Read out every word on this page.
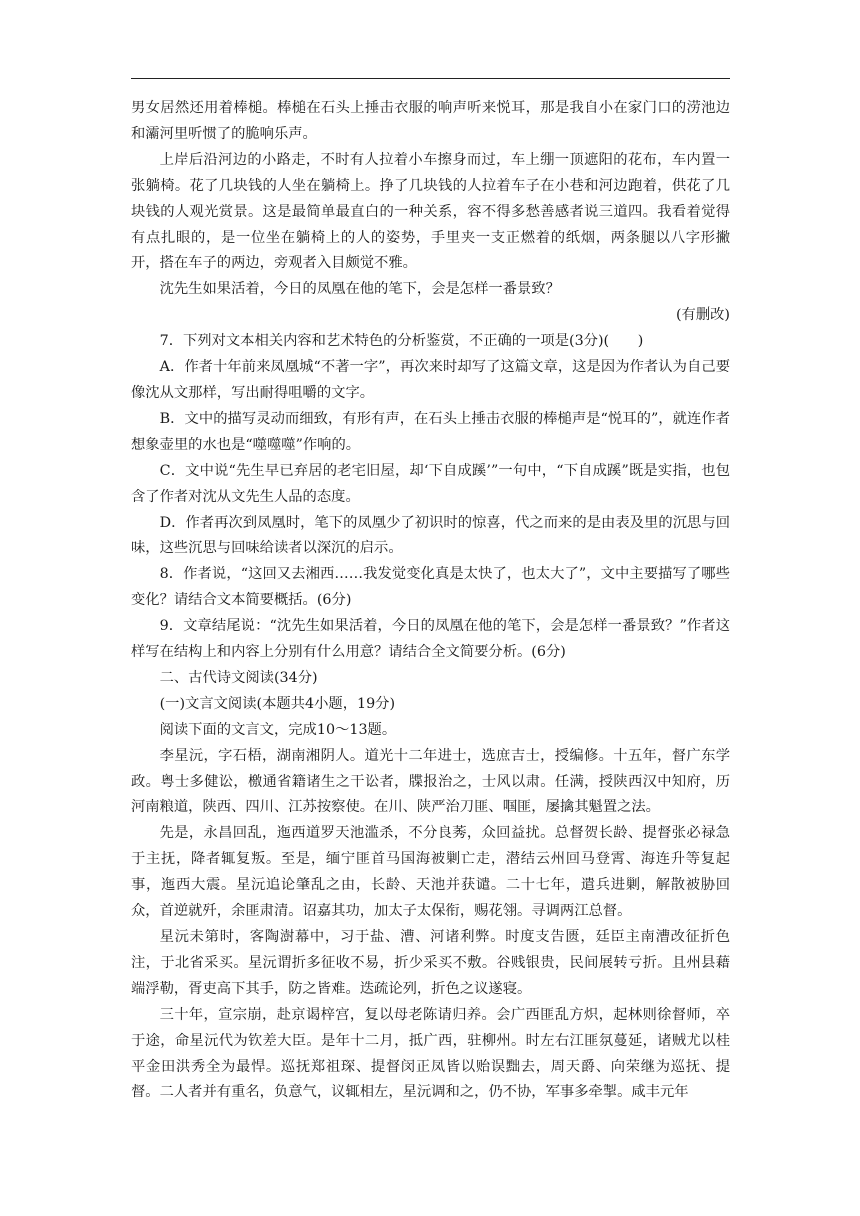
男女居然还用着棒槌。棒槌在石头上捶击衣服的响声听来悦耳，那是我自小在家门口的涝池边和灞河里听惯了的脆响乐声。

上岸后沿河边的小路走，不时有人拉着小车擦身而过，车上绷一顶遮阳的花布，车内置一张躺椅。花了几块钱的人坐在躺椅上。挣了几块钱的人拉着车子在小巷和河边跑着，供花了几块钱的人观光赏景。这是最简单最直白的一种关系，容不得多愁善感者说三道四。我看着觉得有点扎眼的，是一位坐在躺椅上的人的姿势，手里夹一支正燃着的纸烟，两条腿以八字形撇开，搭在车子的两边，旁观者入目颇觉不雅。

沈先生如果活着，今日的凤凰在他的笔下，会是怎样一番景致？

(有删改)

7．下列对文本相关内容和艺术特色的分析鉴赏，不正确的一项是(3分)(　　)

A．作者十年前来凤凰城“不著一字”，再次来时却写了这篇文章，这是因为作者认为自己要像沈从文那样，写出耐得咀嚼的文字。

B．文中的描写灵动而细致，有形有声，在石头上捶击衣服的棒槌声是“悦耳的”，就连作者想象壶里的水也是“噬噬噬”作响的。

C．文中说“先生早已弃居的老宅旧屋，却‘下自成蹊’”一句中，“下自成蹊”既是实指，也包含了作者对沈从文先生人品的态度。

D．作者再次到凤凰时，笔下的凤凰少了初识时的惊喜，代之而来的是由表及里的沉思与回味，这些沉思与回味给读者以深沉的启示。

8．作者说，“这回又去湘西……我发觉变化真是太快了，也太大了”，文中主要描写了哪些变化？请结合文本简要概括。(6分)

9．文章结尾说：“沈先生如果活着，今日的凤凰在他的笔下，会是怎样一番景致？”作者这样写在结构上和内容上分别有什么用意？请结合全文简要分析。(6分)

二、古代诗文阅读(34分)

(一)文言文阅读(本题共4小题，19分)

阅读下面的文言文，完成10～13题。

李星沅，字石梧，湖南湘阴人。道光十二年进士，选庶吉士，授编修。十五年，督广东学政。粤士多健讼，檄通省籍诸生之干讼者，牒报治之，士风以肃。任满，授陕西汉中知府，历河南粮道，陕西、四川、江苏按察使。在川、陕严治刀匪、啯匪，屡擒其魁置之法。

先是，永昌回乱，迤西道罗天池滥杀，不分良莠，众回益扰。总督贺长龄、提督张必禄急于主抚，降者辄复叛。至是，缅宁匪首马国海被剿亡走，潜结云州回马登霄、海连升等复起事，迤西大震。星沅追论肇乱之由，长龄、天池并获谴。二十七年，遣兵进剿，解散被胁回众，首逆就歼，余匪肃清。诏嘉其功，加太子太保衔，赐花翎。寻调两江总督。

星沅未第时，客陶澍幕中，习于盐、漕、河诸利弊。时度支告匮，廷臣主南漕改征折色注，于北省采买。星沅谓折多征收不易，折少采买不敷。谷贱银贵，民间展转亏折。且州县藉端浮勒，胥吏高下其手，防之皆难。迭疏论列，折色之议遂寝。

三十年，宣宗崩，赴京谒梓宫，复以母老陈请归养。会广西匪乱方炽，起林则徐督师，卒于途，命星沅代为钦差大臣。是年十二月，抵广西，驻柳州。时左右江匪氛蔓延，诸贼尤以桂平金田洪秀全为最悍。巡抚郑祖琛、提督闵正凤皆以贻误黜去，周天爵、向荣继为巡抚、提督。二人者并有重名，负意气，议辄相左，星沅调和之，仍不协，军事多牵掣。咸丰元年
